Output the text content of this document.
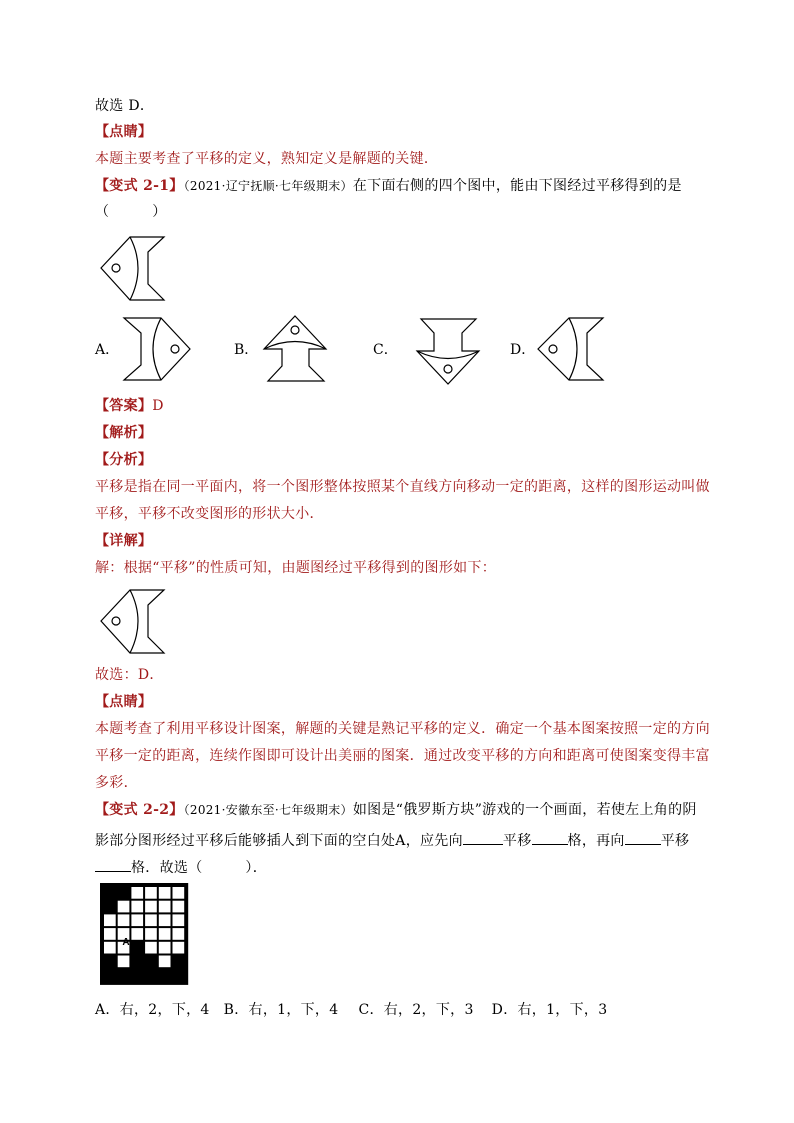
故选 D．
【点睛】
本题主要考查了平移的定义，熟知定义是解题的关键．
【变式 2-1】（2021·辽宁抚顺·七年级期末）在下面右侧的四个图中，能由下图经过平移得到的是
（　　　）
A．	B．	C．	D．
【答案】D
【解析】
【分析】
平移是指在同一平面内，将一个图形整体按照某个直线方向移动一定的距离，这样的图形运动叫做
平移，平移不改变图形的形状大小．
【详解】
解：根据“平移”的性质可知，由题图经过平移得到的图形如下：
故选：D．
【点睛】
本题考查了利用平移设计图案，解题的关键是熟记平移的定义．确定一个基本图案按照一定的方向
平移一定的距离，连续作图即可设计出美丽的图案．通过改变平移的方向和距离可使图案变得丰富
多彩．
【变式 2-2】（2021·安徽东至·七年级期末）如图是“俄罗斯方块”游戏的一个画面，若使左上角的阴
影部分图形经过平移后能够插人到下面的空白处A，应先向	平移	格，再向	平移
格．故选（　　　）．
A
A．右，2，下，4 B．右，1，下，4 C．右，2，下，3 D．右，1，下，3
